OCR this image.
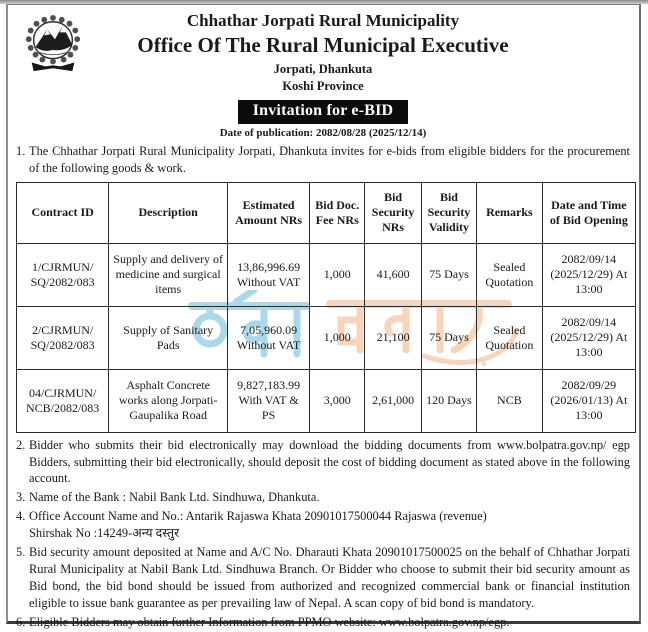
Chhathar Jorpati Rural Municipality
Office Of The Rural Municipal Executive
Jorpati, Dhankuta
Koshi Province
Invitation for e-BID
Date of publication: 2082/08/28 (2025/12/14)
1. The Chhathar Jorpati Rural Municipality Jorpati, Dhankuta invites for e-bids from eligible bidders for the procurement of the following goods & work.
Contract ID	Description	Estimated Amount NRs	Bid Doc. Fee NRs	Bid Security NRs	Bid Security Validity	Remarks	Date and Time of Bid Opening
1/CJRMUN/ SQ/2082/083	Supply and delivery of medicine and surgical items	13,86,996.69 Without VAT	1,000	41,600	75 Days	Sealed Quotation	2082/09/14 (2025/12/29) At 13:00
2/CJRMUN/ SQ/2082/083	Supply of Sanitary Pads	7,05,960.09 Without VAT	1,000	21,100	75 Days	Sealed Quotation	2082/09/14 (2025/12/29) At 13:00
04/CJRMUN/ NCB/2082/083	Asphalt Concrete works along Jorpati-Gaupalika Road	9,827,183.99 With VAT & PS	3,000	2,61,000	120 Days	NCB	2082/09/29 (2026/01/13) At 13:00
2. Bidder who submits their bid electronically may download the bidding documents from www.bolpatra.gov.np/ egp Bidders, submitting their bid electronically, should deposit the cost of bidding document as stated above in the following account.
3. Name of the Bank : Nabil Bank Ltd. Sindhuwa, Dhankuta.
4. Office Account Name and No.: Antarik Rajaswa Khata 20901017500044 Rajaswa (revenue)
Shirshak No :14249-अन्य दस्तुर
5. Bid security amount deposited at Name and A/C No. Dharauti Khata 20901017500025 on the behalf of Chhathar Jorpati Rural Municipality at Nabil Bank Ltd. Sindhuwa Branch. Or Bidder who choose to submit their bid security amount as Bid bond, the bid bond should be issued from authorized and recognized commercial bank or financial institution eligible to issue bank guarantee as per prevailing law of Nepal. A scan copy of bid bond is mandatory.
6. Eligible Bidders may obtain further Information from PPMO website: www.bolpatra.gov.np/egp.
